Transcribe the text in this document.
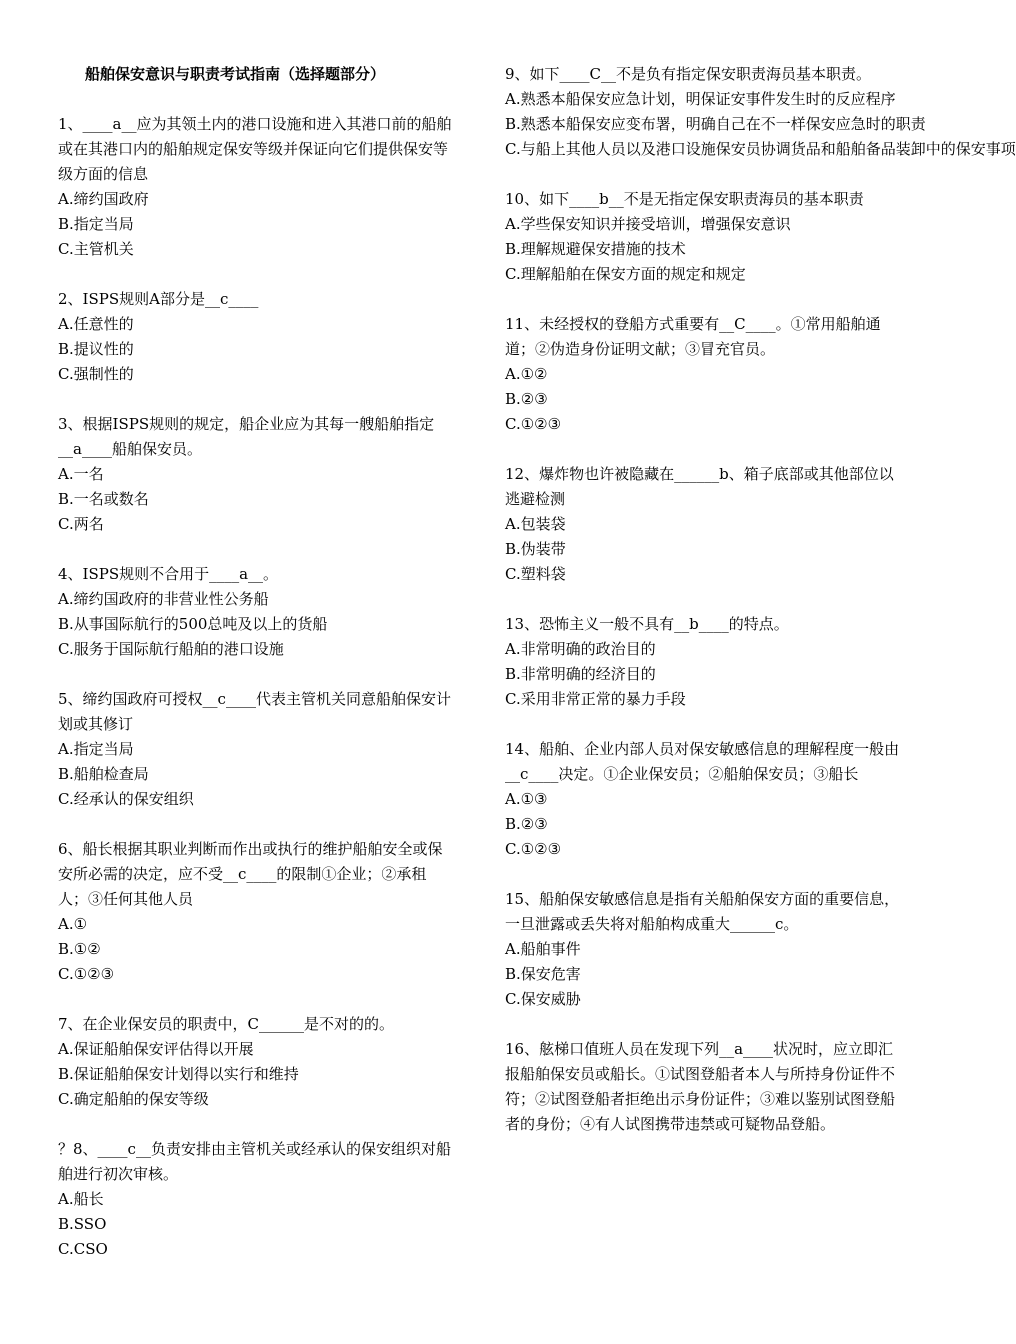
船舶保安意识与职责考试指南（选择题部分）

1、____a__应为其领土内的港口设施和进入其港口前的船舶或在其港口内的船舶规定保安等级并保证向它们提供保安等级方面的信息

A.缔约国政府

B.指定当局

C.主管机关

2、ISPS规则A部分是__c____

A.任意性的

B.提议性的

C.强制性的

3、根据ISPS规则的规定，船企业应为其每一艘船舶指定__a____船舶保安员。

A.一名

B.一名或数名

C.两名

4、ISPS规则不合用于____a__。

A.缔约国政府的非营业性公务船

B.从事国际航行的500总吨及以上的货船

C.服务于国际航行船舶的港口设施

5、缔约国政府可授权__c____代表主管机关同意船舶保安计划或其修订

A.指定当局

B.船舶检查局

C.经承认的保安组织

6、船长根据其职业判断而作出或执行的维护船舶安全或保安所必需的决定，应不受__c____的限制①企业；②承租人；③任何其他人员

A.①

B.①②

C.①②③

7、在企业保安员的职责中，C______是不对的的。

A.保证船舶保安评估得以开展

B.保证船舶保安计划得以实行和维持

C.确定船舶的保安等级

？8、____c__负责安排由主管机关或经承认的保安组织对船舶进行初次审核。

A.船长

B.SSO

C.CSO

9、如下____C__不是负有指定保安职责海员基本职责。

A.熟悉本船保安应急计划，明保证安事件发生时的反应程序

B.熟悉本船保安应变布署，明确自己在不一样保安应急时的职责

C.与船上其他人员以及港口设施保安员协调货品和船舶备品装卸中的保安事项

10、如下____b__不是无指定保安职责海员的基本职责

A.学些保安知识并接受培训，增强保安意识

B.理解规避保安措施的技术

C.理解船舶在保安方面的规定和规定

11、未经授权的登船方式重要有__C____。①常用船舶通道；②伪造身份证明文献；③冒充官员。

A.①②

B.②③

C.①②③

12、爆炸物也许被隐藏在______b、箱子底部或其他部位以逃避检测

A.包装袋

B.伪装带

C.塑料袋

13、恐怖主义一般不具有__b____的特点。

A.非常明确的政治目的

B.非常明确的经济目的

C.采用非常正常的暴力手段

14、船舶、企业内部人员对保安敏感信息的理解程度一般由__c____决定。①企业保安员；②船舶保安员；③船长

A.①③

B.②③

C.①②③

15、船舶保安敏感信息是指有关船舶保安方面的重要信息，一旦泄露或丢失将对船舶构成重大______c。

A.船舶事件

B.保安危害

C.保安威胁

16、舷梯口值班人员在发现下列__a____状况时，应立即汇报船舶保安员或船长。①试图登船者本人与所持身份证件不符；②试图登船者拒绝出示身份证件；③难以鉴别试图登船者的身份；④有人试图携带违禁或可疑物品登船。
